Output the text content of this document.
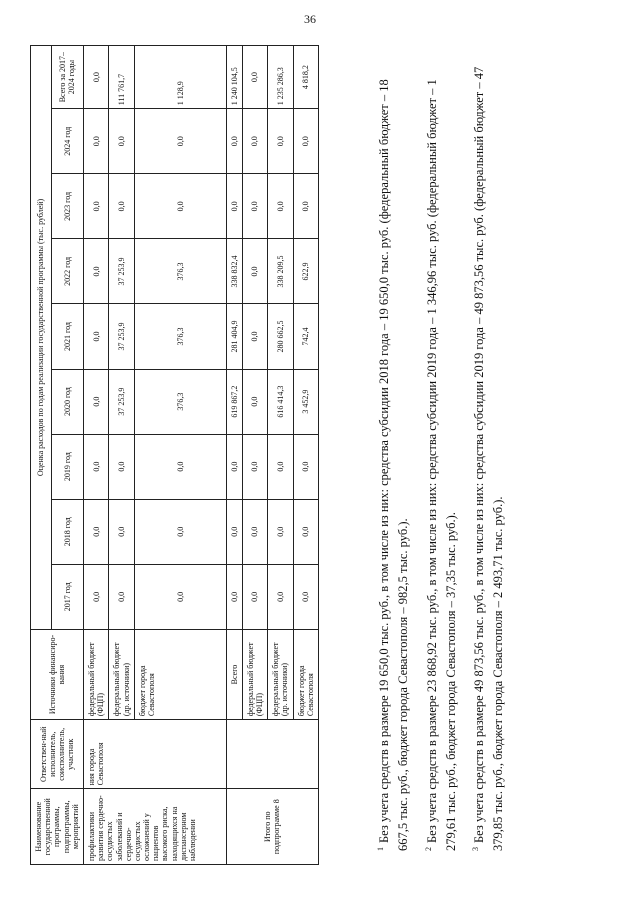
36
Наименование государственной программы, подпрограммы, мероприятий	Ответствен-ный исполнитель, соисполнитель, участник	Источники финансиро-вания	Оценка расходов по годам реализации государственной программы (тыс. рублей)								
			2017 год	2018 год	2019 год	2020 год	2021 год	2022 год	2023 год	2024 год	Всего за 2017–2024 годы
профилактики развития сердечно-сосудистых заболеваний и сердечно-сосудистых осложнений у пациентов высокого риска, находящихся на диспансерном наблюдении	ния города Севастополя	федеральный бюджет (ФЦП)	0,0	0,0	0,0	0,0	0,0	0,0	0,0	0,0	0,0
		федеральный бюджет (др. источники)	0,0	0,0	0,0	37 253,9	37 253,9	37 253,9	0,0	0,0	111 761,7
		бюджет города Севастополя	0,0	0,0	0,0	376,3	376,3	376,3	0,0	0,0	1 128,9
Итого по подпрограмме 8		Всего	0,0	0,0	0,0	619 867,2	281 404,9	338 832,4	0,0	0,0	1 240 104,5
		федеральный бюджет (ФЦП)	0,0	0,0	0,0	0,0	0,0	0,0	0,0	0,0	0,0
		федеральный бюджет (др. источники)	0,0	0,0	0,0	616 414,3	280 662,5	338 209,5	0,0	0,0	1 235 286,3
		бюджет города Севастополя	0,0	0,0	0,0	3 452,9	742,4	622,9	0,0	0,0	4 818,2

$^1$Без учета средств в размере 19 650,0 тыс. руб., в том числе из них: средства субсидии 2018 года – 19 650,0 тыс. руб. (федеральный бюджет – 18 667,5 тыс. руб., бюджет города Севастополя – 982,5 тыс. руб.).	$^2$Без учета средств в размере 23 868,92 тыс. руб., в том числе из них: средства субсидии 2019 года – 1 346,96 тыс. руб. (федеральный бюджет – 1 279,61 тыс. руб., бюджет города Севастополя – 37,35 тыс. руб.).	$^3$Без учета средств в размере 49 873,56 тыс. руб., в том числе из них: средства субсидии 2019 года – 49 873,56 тыс. руб. (федеральный бюджет – 47 379,85 тыс. руб., бюджет города Севастополя – 2 493,71 тыс. руб.).
